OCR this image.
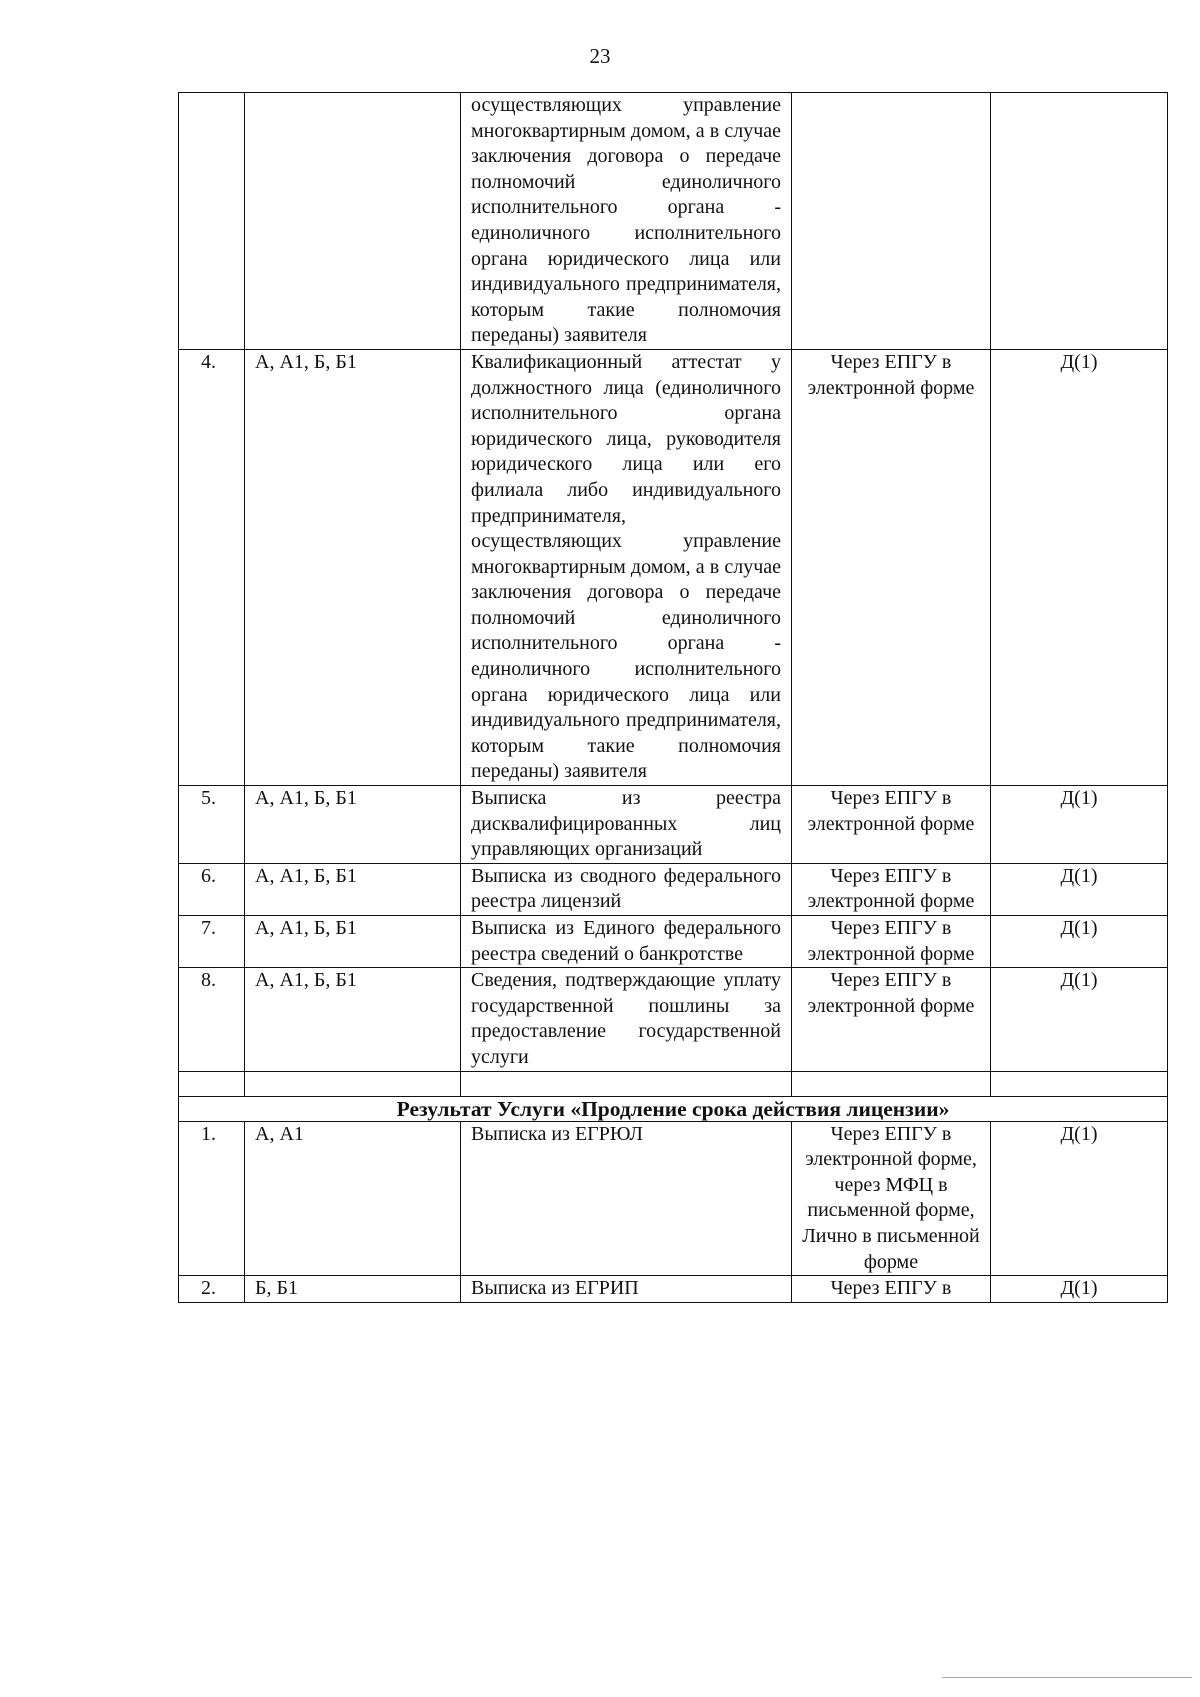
23
		осуществляющих управление многоквартирным домом, а в случае заключения договора о передаче полномочий единоличного исполнительного органа - единоличного исполнительного органа юридического лица или индивидуального предпринимателя, которым такие полномочия переданы) заявителя		
4.	А, А1, Б, Б1	Квалификационный аттестат у должностного лица (единоличного исполнительного органа юридического лица, руководителя юридического лица или его филиала либо индивидуального предпринимателя, осуществляющих управление многоквартирным домом, а в случае заключения договора о передаче полномочий единоличного исполнительного органа - единоличного исполнительного органа юридического лица или индивидуального предпринимателя, которым такие полномочия переданы) заявителя	Через ЕПГУ в электронной форме	Д(1)
5.	А, А1, Б, Б1	Выписка из реестра дисквалифицированных лиц управляющих организаций	Через ЕПГУ в электронной форме	Д(1)
6.	А, А1, Б, Б1	Выписка из сводного федерального реестра лицензий	Через ЕПГУ в электронной форме	Д(1)
7.	А, А1, Б, Б1	Выписка из Единого федерального реестра сведений о банкротстве	Через ЕПГУ в электронной форме	Д(1)
8.	А, А1, Б, Б1	Сведения, подтверждающие уплату государственной пошлины за предоставление государственной услуги	Через ЕПГУ в электронной форме	Д(1)

Результат Услуги «Продление срока действия лицензии»				
1.	А, А1	Выписка из ЕГРЮЛ	Через ЕПГУ в электронной форме, через МФЦ в письменной форме, Лично в письменной форме	Д(1)
2.	Б, Б1	Выписка из ЕГРИП	Через ЕПГУ в	Д(1)
